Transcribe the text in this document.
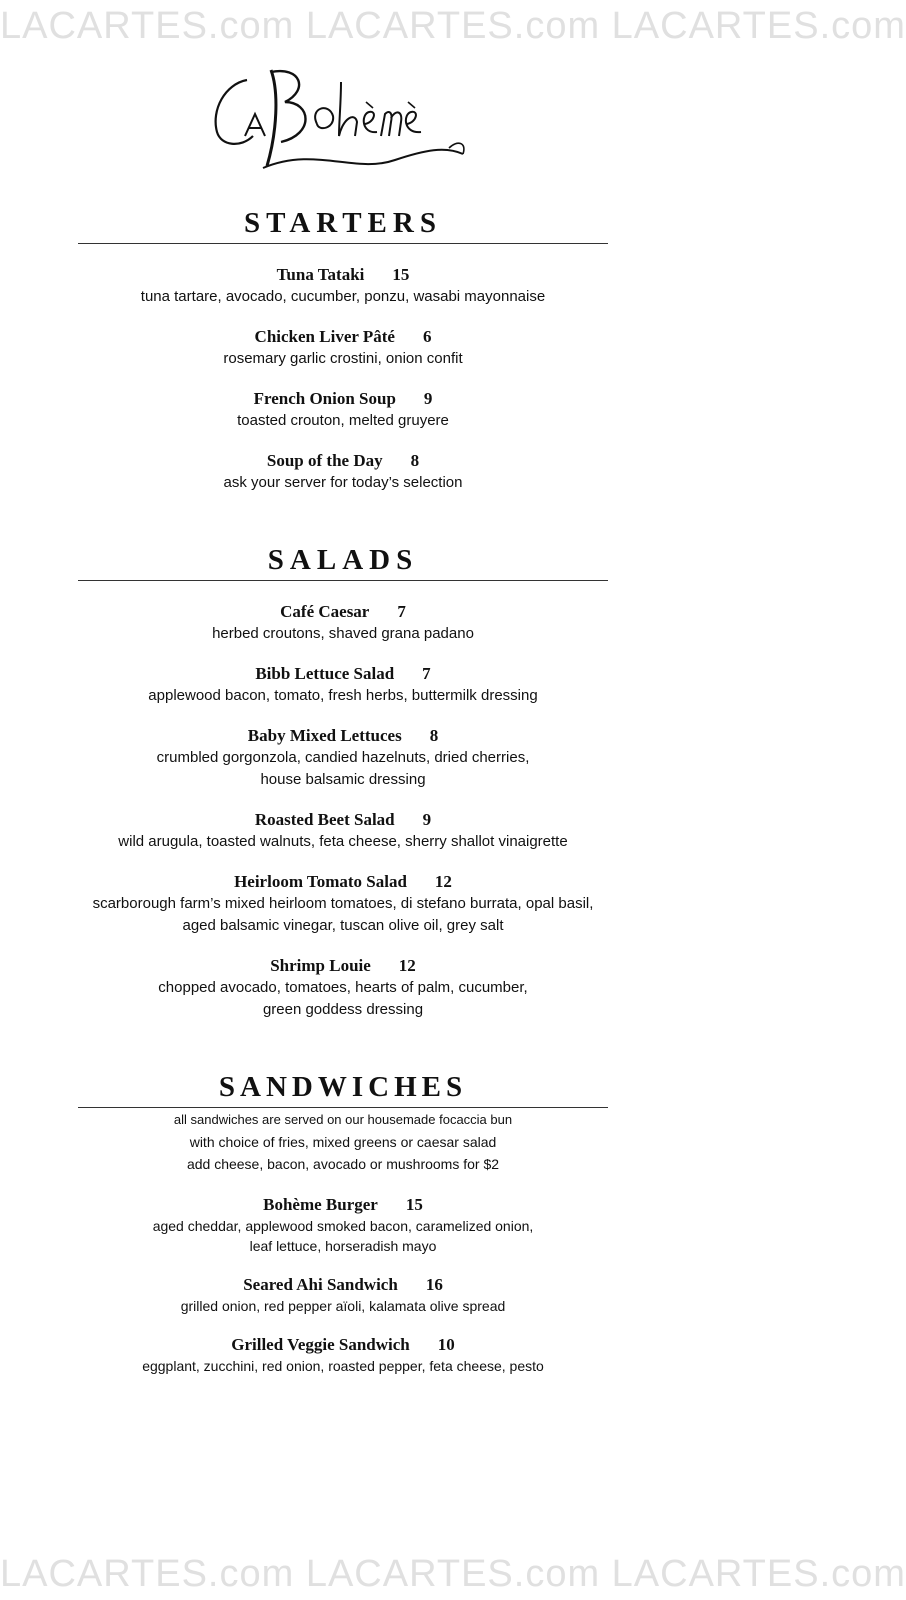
LACARTES.com LACARTES.com LACARTES.com
STARTERS
Tuna Tataki 15
tuna tartare, avocado, cucumber, ponzu, wasabi mayonnaise
Chicken Liver Pâté 6
rosemary garlic crostini, onion confit
French Onion Soup 9
toasted crouton, melted gruyere
Soup of the Day 8
ask your server for today’s selection
SALADS
Café Caesar 7
herbed croutons, shaved grana padano
Bibb Lettuce Salad 7
applewood bacon, tomato, fresh herbs, buttermilk dressing
Baby Mixed Lettuces 8
crumbled gorgonzola, candied hazelnuts, dried cherries,
house balsamic dressing
Roasted Beet Salad 9
wild arugula, toasted walnuts, feta cheese, sherry shallot vinaigrette
Heirloom Tomato Salad 12
scarborough farm’s mixed heirloom tomatoes, di stefano burrata, opal basil,
aged balsamic vinegar, tuscan olive oil, grey salt
Shrimp Louie 12
chopped avocado, tomatoes, hearts of palm, cucumber,
green goddess dressing
SANDWICHES
all sandwiches are served on our housemade focaccia bun
with choice of fries, mixed greens or caesar salad
add cheese, bacon, avocado or mushrooms for $2
Bohème Burger 15
aged cheddar, applewood smoked bacon, caramelized onion,
leaf lettuce, horseradish mayo
Seared Ahi Sandwich 16
grilled onion, red pepper aïoli, kalamata olive spread
Grilled Veggie Sandwich 10
eggplant, zucchini, red onion, roasted pepper, feta cheese, pesto
LACARTES.com LACARTES.com LACARTES.com
